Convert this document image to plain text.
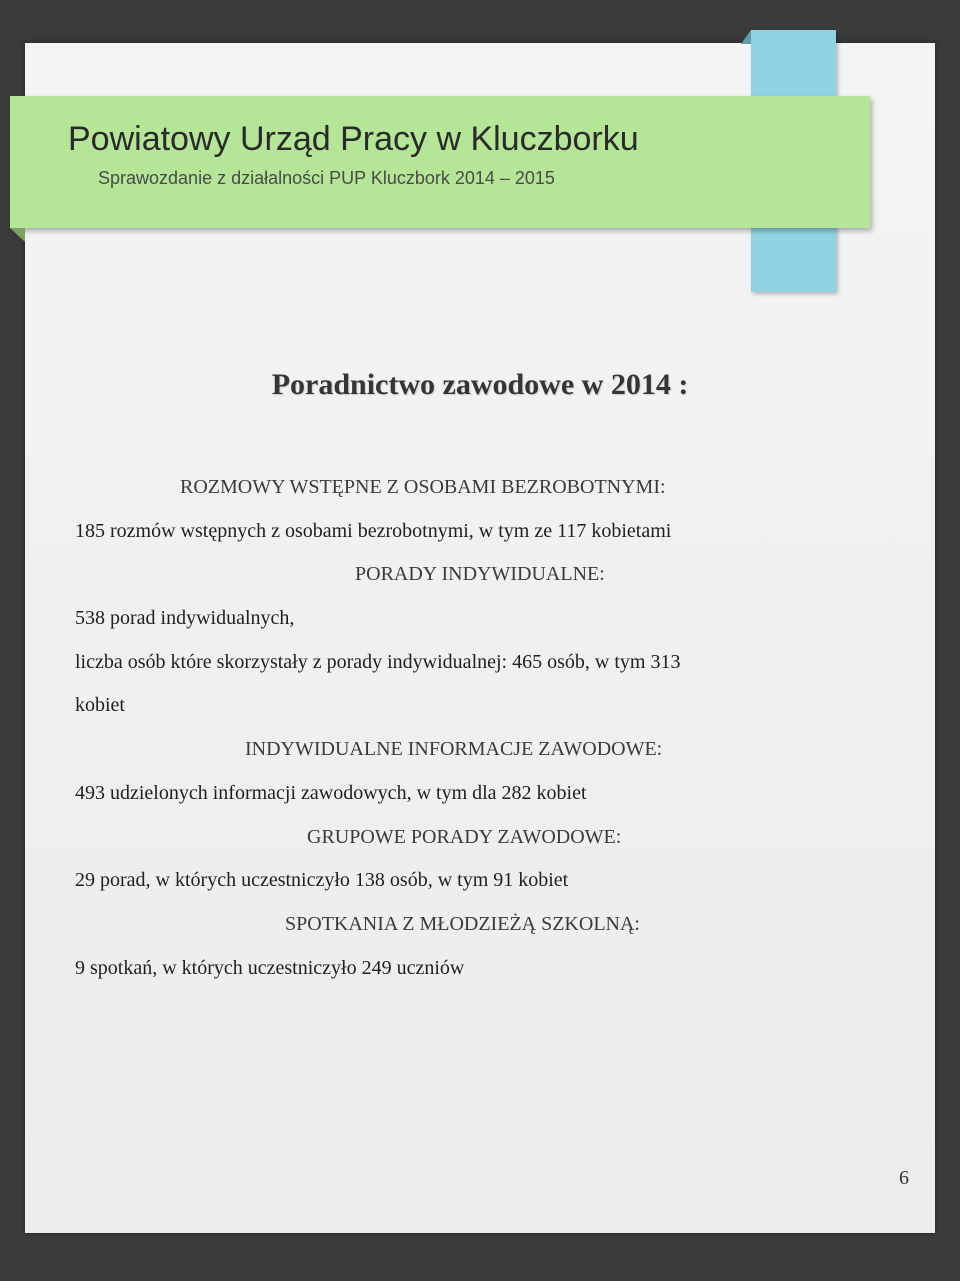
Powiatowy Urząd Pracy w Kluczborku
Sprawozdanie z działalności PUP Kluczbork 2014 – 2015
Poradnictwo zawodowe w 2014 :
ROZMOWY WSTĘPNE Z OSOBAMI BEZROBOTNYMI:
185 rozmów wstępnych z osobami bezrobotnymi, w tym ze 117 kobietami
PORADY INDYWIDUALNE:
538 porad indywidualnych,
liczba osób które skorzystały z porady indywidualnej: 465 osób, w tym 313
kobiet
INDYWIDUALNE INFORMACJE ZAWODOWE:
493 udzielonych informacji zawodowych, w tym dla 282 kobiet
GRUPOWE PORADY ZAWODOWE:
29 porad, w których uczestniczyło 138 osób, w tym 91 kobiet
SPOTKANIA Z MŁODZIEŻĄ SZKOLNĄ:
9 spotkań, w których uczestniczyło 249 uczniów
6
